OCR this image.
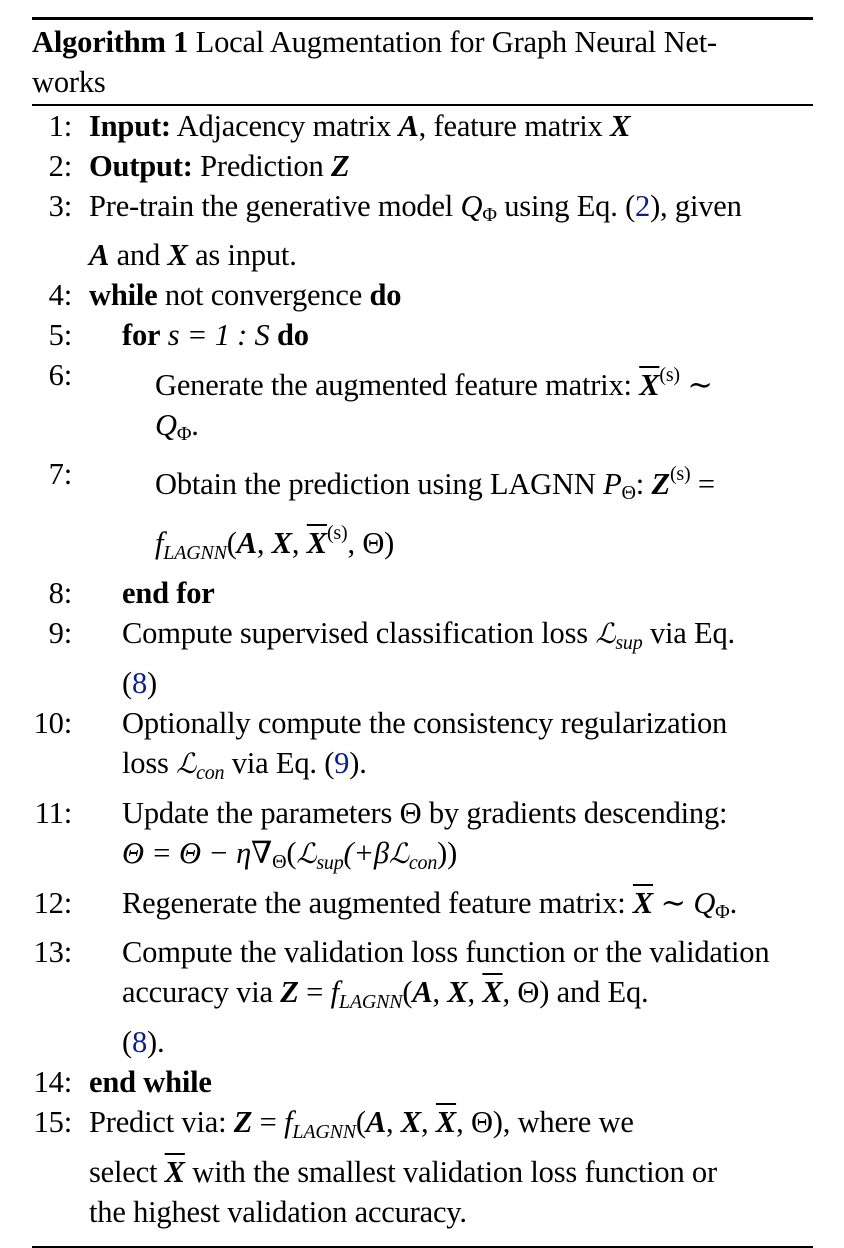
Algorithm 1 Local Augmentation for Graph Neural Net-
works
1: Input: Adjacency matrix A, feature matrix X
2: Output: Prediction Z
3: Pre-train the generative model QΦ using Eq. (2), given
A and X as input.
4: while not convergence do
5: for s = 1 : S do
6:	Generate the augmented feature matrix: $\overline{X}^{(s)}$ ∼
QΦ.
7:	Obtain the prediction using LAGNN PΘ: $Z^{(s)}$ =
$f_{LAGNN}(A$, X, $\overline{X}^{(s)}$, Θ)
8: end for
9: Compute supervised classification loss ℒ$_{sup}$ via Eq.
(8)
10: Optionally compute the consistency regularization
loss ℒ$_{con}$ via Eq. (9).
11: Update the parameters Θ by gradients descending:
Θ = Θ − η∇Θ(ℒ$_{sup}$(+βℒ$_{con}$))
12: Regenerate the augmented feature matrix: $\overline{X}$ ∼ QΦ.
13: Compute the validation loss function or the validation
accuracy via $Z = f_{LAGNN}(A$, X, $\overline{X}$, Θ) and Eq.
(8).
14: end while
15: Predict via: $Z = f_{LAGNN}(A$, X, $\overline{X}$, Θ), where we
select $\overline{X}$ with the smallest validation loss function or
the highest validation accuracy.
